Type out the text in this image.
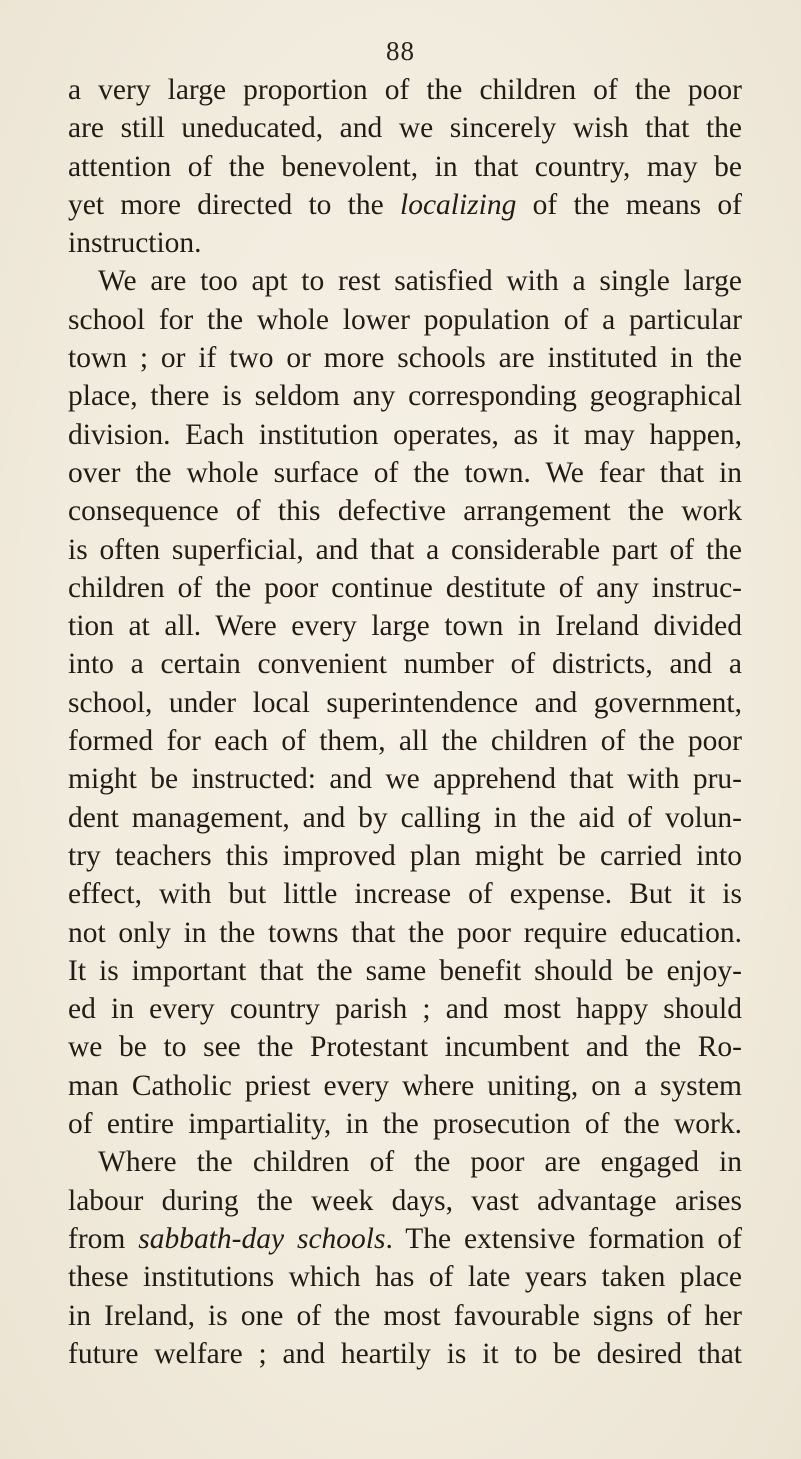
88
a very large proportion of the children of the poor
are still uneducated, and we sincerely wish that the
attention of the benevolent, in that country, may be
yet more directed to the localizing of the means of
instruction.
We are too apt to rest satisfied with a single large
school for the whole lower population of a particular
town ; or if two or more schools are instituted in the
place, there is seldom any corresponding geographical
division. Each institution operates, as it may happen,
over the whole surface of the town. We fear that in
consequence of this defective arrangement the work
is often superficial, and that a considerable part of the
children of the poor continue destitute of any instruc-
tion at all. Were every large town in Ireland divided
into a certain convenient number of districts, and a
school, under local superintendence and government,
formed for each of them, all the children of the poor
might be instructed: and we apprehend that with pru-
dent management, and by calling in the aid of volun-
try teachers this improved plan might be carried into
effect, with but little increase of expense. But it is
not only in the towns that the poor require education.
It is important that the same benefit should be enjoy-
ed in every country parish ; and most happy should
we be to see the Protestant incumbent and the Ro-
man Catholic priest every where uniting, on a system
of entire impartiality, in the prosecution of the work.
Where the children of the poor are engaged in
labour during the week days, vast advantage arises
from sabbath-day schools. The extensive formation of
these institutions which has of late years taken place
in Ireland, is one of the most favourable signs of her
future welfare ; and heartily is it to be desired that
